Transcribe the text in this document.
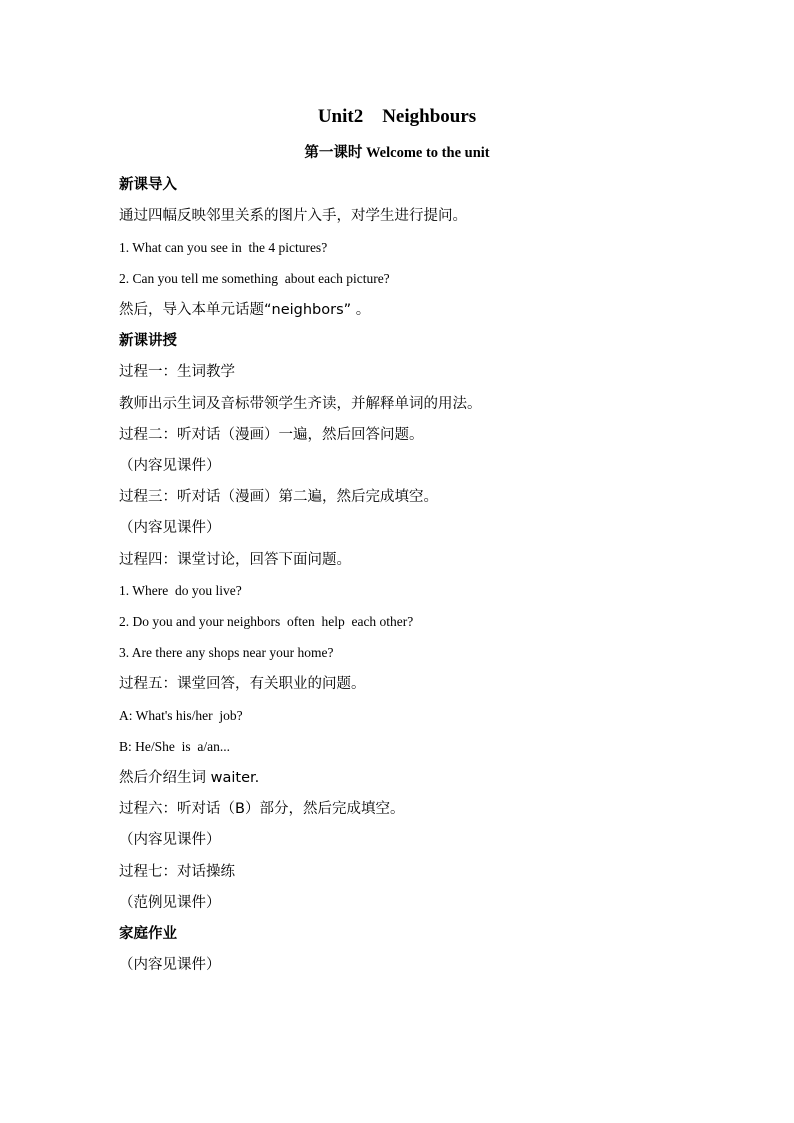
Unit2    Neighbours
第一课时 Welcome to the unit
新课导入
通过四幅反映邻里关系的图片入手，对学生进行提问。
1. What can you see in  the 4 pictures?
2. Can you tell me something  about each picture?
然后，导入本单元话题“neighbors” 。
新课讲授
过程一：生词教学
教师出示生词及音标带领学生齐读，并解释单词的用法。
过程二：听对话（漫画）一遍，然后回答问题。
（内容见课件）
过程三：听对话（漫画）第二遍，然后完成填空。
（内容见课件）
过程四：课堂讨论，回答下面问题。
1. Where  do you live?
2. Do you and your neighbors  often  help  each other?
3. Are there any shops near your home?
过程五：课堂回答，有关职业的问题。
A: What's his/her  job?
B: He/She  is  a/an...
然后介绍生词 waiter.
过程六：听对话（B）部分，然后完成填空。
（内容见课件）
过程七：对话操练
（范例见课件）
家庭作业
（内容见课件）
